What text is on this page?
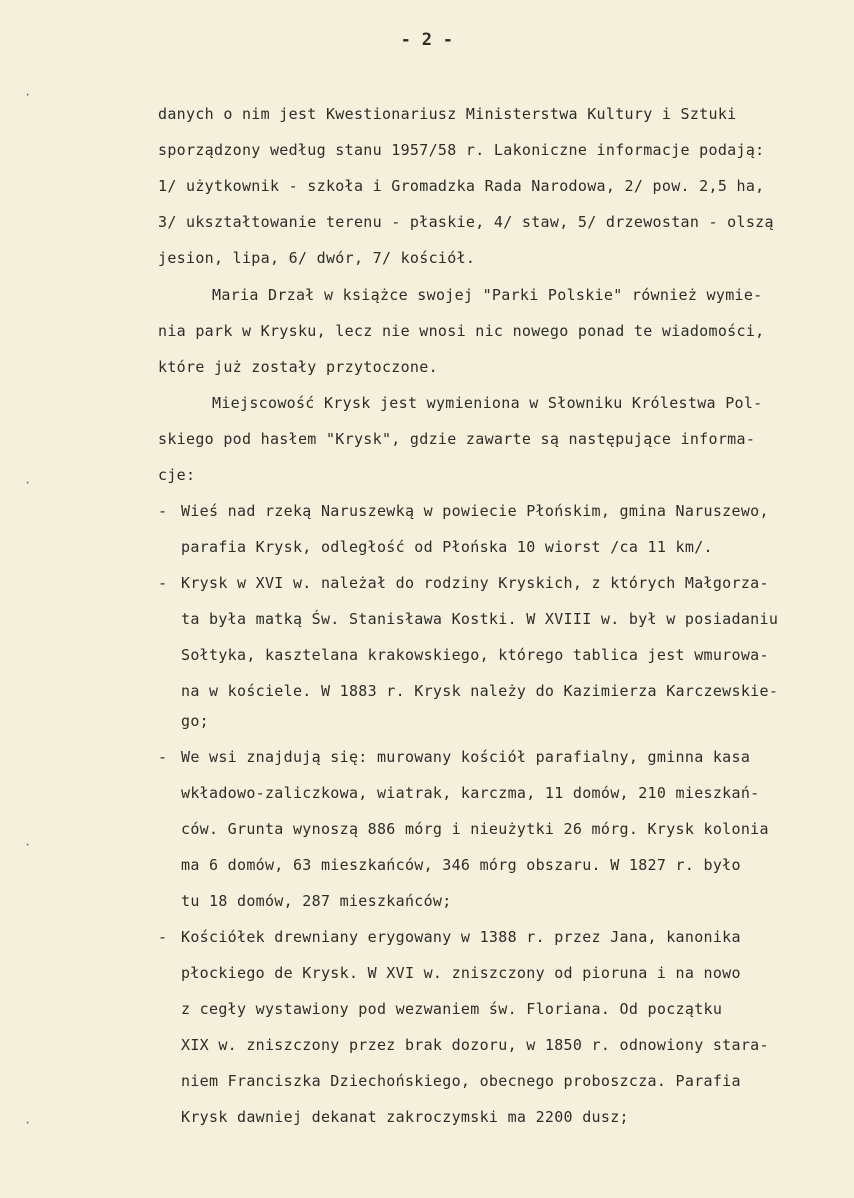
- 2 -
·
·
·
·
danych o nim jest Kwestionariusz Ministerstwa Kultury i Sztuki
sporządzony według stanu 1957/58 r. Lakoniczne informacje podają:
1/ użytkownik - szkoła i Gromadzka Rada Narodowa, 2/ pow. 2,5 ha,
3/ ukształtowanie terenu - płaskie, 4/ staw, 5/ drzewostan - olszą
jesion, lipa, 6/ dwór, 7/ kościół.
Maria Drzał w książce swojej "Parki Polskie" również wymie-
nia park w Krysku, lecz nie wnosi nic nowego ponad te wiadomości,
które już zostały przytoczone.
Miejscowość Krysk jest wymieniona w Słowniku Królestwa Pol-
skiego pod hasłem "Krysk", gdzie zawarte są następujące informa-
cje:
- Wieś nad rzeką Naruszewką w powiecie Płońskim, gmina Naruszewo,
parafia Krysk, odległość od Płońska 10 wiorst /ca 11 km/.
- Krysk w XVI w. należał do rodziny Kryskich, z których Małgorza-
ta była matką Św. Stanisława Kostki. W XVIII w. był w posiadaniu
Sołtyka, kasztelana krakowskiego, którego tablica jest wmurowa-
na w kościele. W 1883 r. Krysk należy do Kazimierza Karczewskie-
go;
- We wsi znajdują się: murowany kościół parafialny, gminna kasa
wkładowo-zaliczkowa, wiatrak, karczma, 11 domów, 210 mieszkań-
ców. Grunta wynoszą 886 mórg i nieużytki 26 mórg. Krysk kolonia
ma 6 domów, 63 mieszkańców, 346 mórg obszaru. W 1827 r. było
tu 18 domów, 287 mieszkańców;
- Kościółek drewniany erygowany w 1388 r. przez Jana, kanonika
płockiego de Krysk. W XVI w. zniszczony od pioruna i na nowo
z cegły wystawiony pod wezwaniem św. Floriana. Od początku
XIX w. zniszczony przez brak dozoru, w 1850 r. odnowiony stara-
niem Franciszka Dziechońskiego, obecnego proboszcza. Parafia
Krysk dawniej dekanat zakroczymski ma 2200 dusz;
